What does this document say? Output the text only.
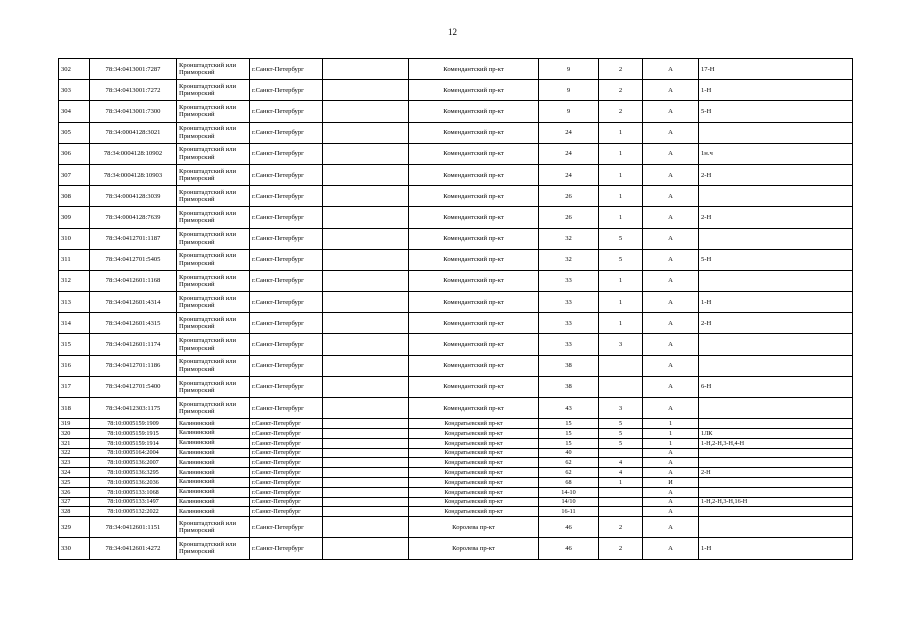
12
302	78:34:0413001:7287	Кронштадтский или Приморский	г.Санкт-Петербург		Комендантский пр-кт	9	2	А	17-Н
303	78:34:0413001:7272	Кронштадтский или Приморский	г.Санкт-Петербург		Комендантский пр-кт	9	2	А	1-Н
304	78:34:0413001:7300	Кронштадтский или Приморский	г.Санкт-Петербург		Комендантский пр-кт	9	2	А	5-Н
305	78:34:0004128:3021	Кронштадтский или Приморский	г.Санкт-Петербург		Комендантский пр-кт	24	1	А	
306	78:34:0004128:10902	Кронштадтский или Приморский	г.Санкт-Петербург		Комендантский пр-кт	24	1	А	1н.ч
307	78:34:0004128:10903	Кронштадтский или Приморский	г.Санкт-Петербург		Комендантский пр-кт	24	1	А	2-Н
308	78:34:0004128:3039	Кронштадтский или Приморский	г.Санкт-Петербург		Комендантский пр-кт	26	1	А	
309	78:34:0004128:7639	Кронштадтский или Приморский	г.Санкт-Петербург		Комендантский пр-кт	26	1	А	2-Н
310	78:34:0412701:1187	Кронштадтский или Приморский	г.Санкт-Петербург		Комендантский пр-кт	32	5	А	
311	78:34:0412701:5405	Кронштадтский или Приморский	г.Санкт-Петербург		Комендантский пр-кт	32	5	А	5-Н
312	78:34:0412601:1168	Кронштадтский или Приморский	г.Санкт-Петербург		Комендантский пр-кт	33	1	А	
313	78:34:0412601:4314	Кронштадтский или Приморский	г.Санкт-Петербург		Комендантский пр-кт	33	1	А	1-Н
314	78:34:0412601:4315	Кронштадтский или Приморский	г.Санкт-Петербург		Комендантский пр-кт	33	1	А	2-Н
315	78:34:0412601:1174	Кронштадтский или Приморский	г.Санкт-Петербург		Комендантский пр-кт	33	3	А	
316	78:34:0412701:1186	Кронштадтский или Приморский	г.Санкт-Петербург		Комендантский пр-кт	38		А	
317	78:34:0412701:5400	Кронштадтский или Приморский	г.Санкт-Петербург		Комендантский пр-кт	38		А	6-Н
318	78:34:0412303:1175	Кронштадтский или Приморский	г.Санкт-Петербург		Комендантский пр-кт	43	3	А	
319	78:10:0005159:1909	Калининский	г.Санкт-Петербург		Кондратьевский пр-кт	15	5	1	
320	78:10:0005159:1915	Калининский	г.Санкт-Петербург		Кондратьевский пр-кт	15	5	1	1ЛК
321	78:10:0005159:1914	Калининский	г.Санкт-Петербург		Кондратьевский пр-кт	15	5	1	1-Н,2-Н,3-Н,4-Н
322	78:10:0005164:2004	Калининский	г.Санкт-Петербург		Кондратьевский пр-кт	40		А	
323	78:10:0005136:2007	Калининский	г.Санкт-Петербург		Кондратьевский пр-кт	62	4	А	
324	78:10:0005136:3295	Калининский	г.Санкт-Петербург		Кондратьевский пр-кт	62	4	А	2-Н
325	78:10:0005136:2036	Калининский	г.Санкт-Петербург		Кондратьевский пр-кт	68	1	И	
326	78:10:0005133:1068	Калининский	г.Санкт-Петербург		Кондратьевский пр-кт	14-10		А	
327	78:10:0005133:1497	Калининский	г.Санкт-Петербург		Кондратьевский пр-кт	14/10		А	1-Н,2-Н,3-Н,16-Н
328	78:10:0005132:2022	Калининский	г.Санкт-Петербург		Кондратьевский пр-кт	16-11		А	
329	78:34:0412601:1151	Кронштадтский или Приморский	г.Санкт-Петербург		Королева пр-кт	46	2	А	
330	78:34:0412601:4272	Кронштадтский или Приморский	г.Санкт-Петербург		Королева пр-кт	46	2	А	1-Н
